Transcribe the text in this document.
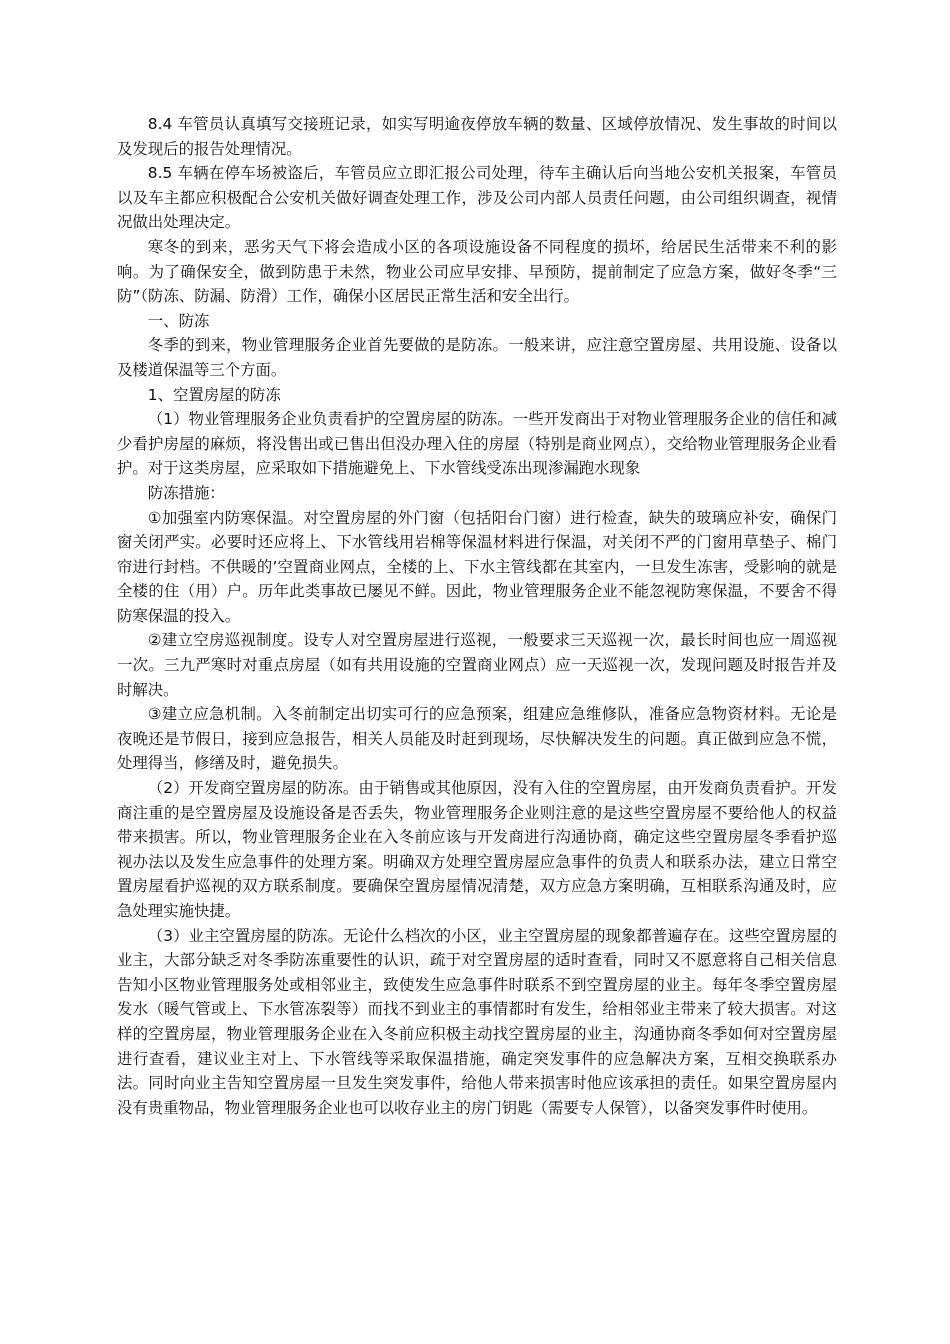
8.4 车管员认真填写交接班记录，如实写明逾夜停放车辆的数量、区域停放情况、发生事故的时间以及发现后的报告处理情况。

8.5 车辆在停车场被盗后，车管员应立即汇报公司处理，待车主确认后向当地公安机关报案，车管员以及车主都应积极配合公安机关做好调查处理工作，涉及公司内部人员责任问题，由公司组织调查，视情况做出处理决定。

寒冬的到来，恶劣天气下将会造成小区的各项设施设备不同程度的损坏，给居民生活带来不利的影响。为了确保安全，做到防患于未然，物业公司应早安排、早预防，提前制定了应急方案，做好冬季“三防”（防冻、防漏、防滑）工作，确保小区居民正常生活和安全出行。

一、防冻

冬季的到来，物业管理服务企业首先要做的是防冻。一般来讲，应注意空置房屋、共用设施、设备以及楼道保温等三个方面。

1、空置房屋的防冻

（1）物业管理服务企业负责看护的空置房屋的防冻。一些开发商出于对物业管理服务企业的信任和减少看护房屋的麻烦，将没售出或已售出但没办理入住的房屋（特别是商业网点），交给物业管理服务企业看护。对于这类房屋，应采取如下措施避免上、下水管线受冻出现渗漏跑水现象

防冻措施：

①加强室内防寒保温。对空置房屋的外门窗（包括阳台门窗）进行检查，缺失的玻璃应补安，确保门窗关闭严实。必要时还应将上、下水管线用岩棉等保温材料进行保温，对关闭不严的门窗用草垫子、棉门帘进行封档。不供暖的’空置商业网点，全楼的上、下水主管线都在其室内，一旦发生冻害，受影响的就是全楼的住（用）户。历年此类事故已屡见不鲜。因此，物业管理服务企业不能忽视防寒保温，不要舍不得防寒保温的投入。

②建立空房巡视制度。设专人对空置房屋进行巡视，一般要求三天巡视一次，最长时间也应一周巡视一次。三九严寒时对重点房屋（如有共用设施的空置商业网点）应一天巡视一次，发现问题及时报告并及时解决。

③建立应急机制。入冬前制定出切实可行的应急预案，组建应急维修队，准备应急物资材料。无论是夜晚还是节假日，接到应急报告，相关人员能及时赶到现场，尽快解决发生的问题。真正做到应急不慌，处理得当，修缮及时，避免损失。

（2）开发商空置房屋的防冻。由于销售或其他原因，没有入住的空置房屋，由开发商负责看护。开发商注重的是空置房屋及设施设备是否丢失，物业管理服务企业则注意的是这些空置房屋不要给他人的权益带来损害。所以，物业管理服务企业在入冬前应该与开发商进行沟通协商，确定这些空置房屋冬季看护巡视办法以及发生应急事件的处理方案。明确双方处理空置房屋应急事件的负责人和联系办法，建立日常空置房屋看护巡视的双方联系制度。要确保空置房屋情况清楚，双方应急方案明确，互相联系沟通及时，应急处理实施快捷。

（3）业主空置房屋的防冻。无论什么档次的小区，业主空置房屋的现象都普遍存在。这些空置房屋的业主，大部分缺乏对冬季防冻重要性的认识，疏于对空置房屋的适时查看，同时又不愿意将自己相关信息告知小区物业管理服务处或相邻业主，致使发生应急事件时联系不到空置房屋的业主。每年冬季空置房屋发水（暖气管或上、下水管冻裂等）而找不到业主的事情都时有发生，给相邻业主带来了较大损害。对这样的空置房屋，物业管理服务企业在入冬前应积极主动找空置房屋的业主，沟通协商冬季如何对空置房屋进行查看，建议业主对上、下水管线等采取保温措施，确定突发事件的应急解决方案，互相交换联系办法。同时向业主告知空置房屋一旦发生突发事件，给他人带来损害时他应该承担的责任。如果空置房屋内没有贵重物品，物业管理服务企业也可以收存业主的房门钥匙（需要专人保管），以备突发事件时使用。
